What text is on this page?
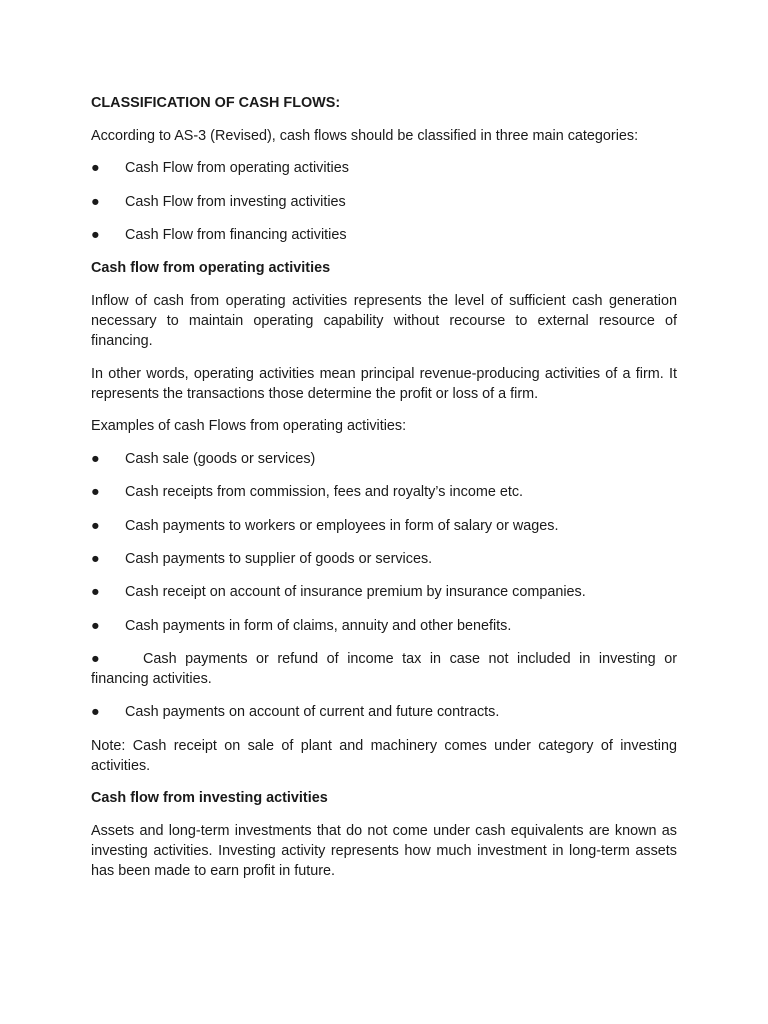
CLASSIFICATION OF CASH FLOWS:
According to AS-3 (Revised), cash flows should be classified in three main categories:
● Cash Flow from operating activities
● Cash Flow from investing activities
● Cash Flow from financing activities
Cash flow from operating activities
Inflow of cash from operating activities represents the level of sufficient cash generation necessary to maintain operating capability without recourse to external resource of financing.
In other words, operating activities mean principal revenue-producing activities of a firm. It represents the transactions those determine the profit or loss of a firm.
Examples of cash Flows from operating activities:
● Cash sale (goods or services)
● Cash receipts from commission, fees and royalty’s income etc.
● Cash payments to workers or employees in form of salary or wages.
● Cash payments to supplier of goods or services.
● Cash receipt on account of insurance premium by insurance companies.
● Cash payments in form of claims, annuity and other benefits.
●	Cash payments or refund of income tax in case not included in investing or financing activities.
● Cash payments on account of current and future contracts.
Note: Cash receipt on sale of plant and machinery comes under category of investing activities.
Cash flow from investing activities
Assets and long-term investments that do not come under cash equivalents are known as investing activities. Investing activity represents how much investment in long-term assets has been made to earn profit in future.
